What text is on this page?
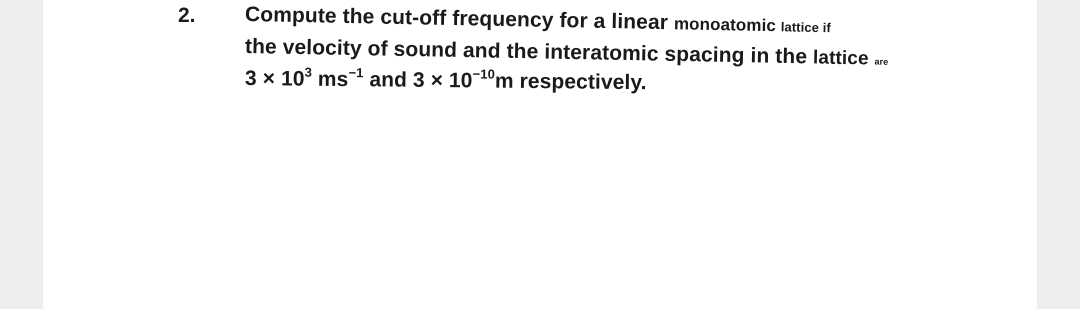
2. Compute the cut-off frequency for a linear monoatomic lattice if
the velocity of sound and the interatomic spacing in the lattice are
$3 \times 10^3$ $ms^{-1}$ and $3 \times 10^{-10}m$ respectively.
